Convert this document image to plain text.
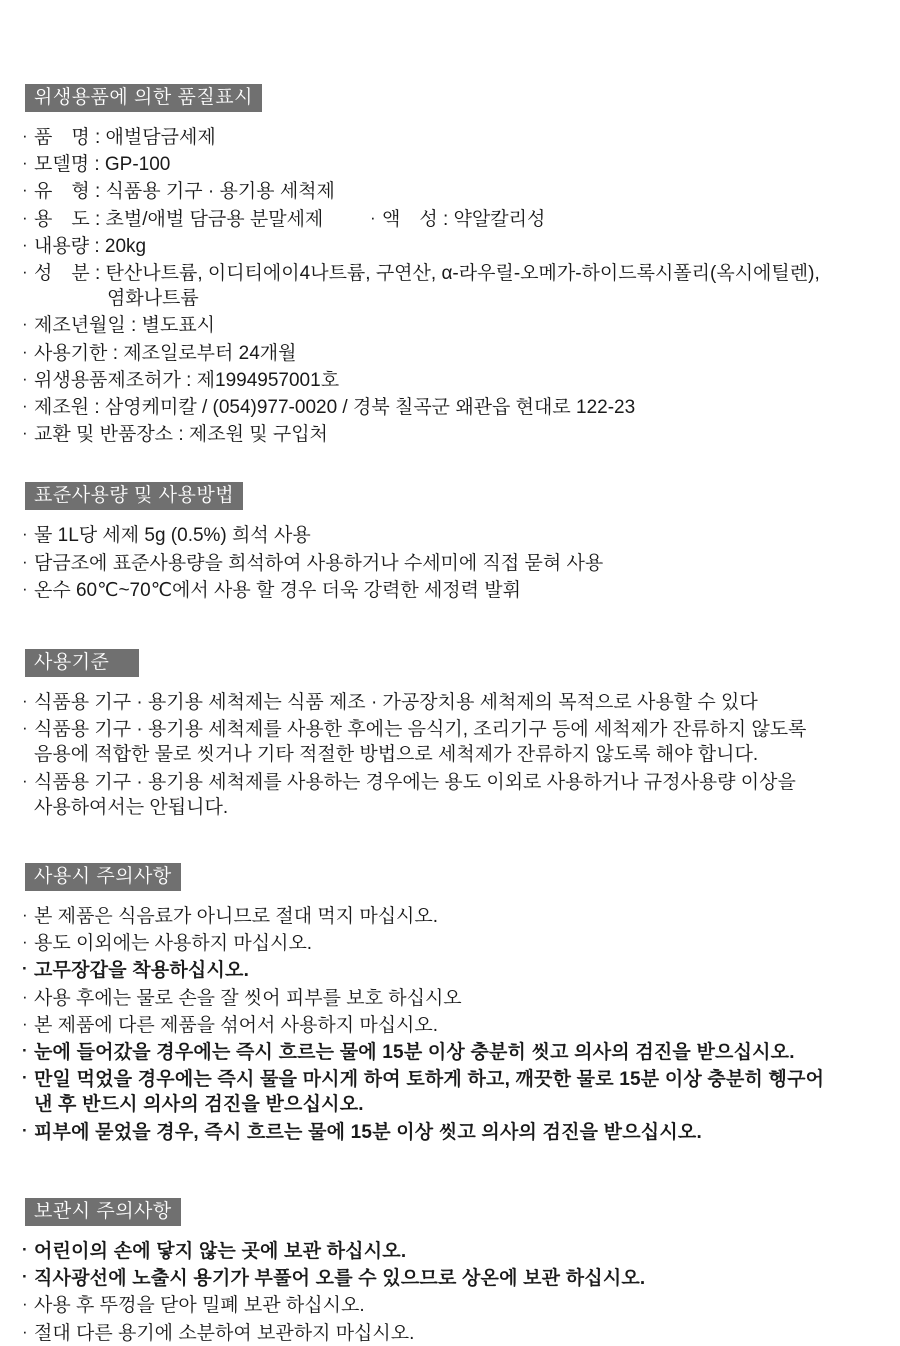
위생용품에 의한 품질표시
· 품　명 : 애벌담금세제
· 모델명 : GP-100
· 유　형 : 식품용 기구 · 용기용 세척제
· 용　도 : 초벌/애벌 담금용 분말세제	· 액　성 : 약알칼리성
· 내용량 : 20kg
· 성　분 : 탄산나트륨, 이디티에이4나트륨, 구연산, α-라우릴-오메가-하이드록시폴리(옥시에틸렌),
염화나트륨
· 제조년월일 : 별도표시
· 사용기한 : 제조일로부터 24개월
· 위생용품제조허가 : 제1994957001호
· 제조원 : 삼영케미칼 / (054)977-0020 / 경북 칠곡군 왜관읍 현대로 122-23
· 교환 및 반품장소 : 제조원 및 구입처
표준사용량 및 사용방법
· 물 1L당 세제 5g (0.5%) 희석 사용
· 담금조에 표준사용량을 희석하여 사용하거나 수세미에 직접 묻혀 사용
· 온수 60℃~70℃에서 사용 할 경우 더욱 강력한 세정력 발휘
사용기준
· 식품용 기구 · 용기용 세척제는 식품 제조 · 가공장치용 세척제의 목적으로 사용할 수 있다
· 식품용 기구 · 용기용 세척제를 사용한 후에는 음식기, 조리기구 등에 세척제가 잔류하지 않도록
음용에 적합한 물로 씻거나 기타 적절한 방법으로 세척제가 잔류하지 않도록 해야 합니다.
· 식품용 기구 · 용기용 세척제를 사용하는 경우에는 용도 이외로 사용하거나 규정사용량 이상을
사용하여서는 안됩니다.
사용시 주의사항
· 본 제품은 식음료가 아니므로 절대 먹지 마십시오.
· 용도 이외에는 사용하지 마십시오.
· 고무장갑을 착용하십시오.
· 사용 후에는 물로 손을 잘 씻어 피부를 보호 하십시오
· 본 제품에 다른 제품을 섞어서 사용하지 마십시오.
· 눈에 들어갔을 경우에는 즉시 흐르는 물에 15분 이상 충분히 씻고 의사의 검진을 받으십시오.
· 만일 먹었을 경우에는 즉시 물을 마시게 하여 토하게 하고, 깨끗한 물로 15분 이상 충분히 헹구어
낸 후 반드시 의사의 검진을 받으십시오.
· 피부에 묻었을 경우, 즉시 흐르는 물에 15분 이상 씻고 의사의 검진을 받으십시오.
보관시 주의사항
· 어린이의 손에 닿지 않는 곳에 보관 하십시오.
· 직사광선에 노출시 용기가 부풀어 오를 수 있으므로 상온에 보관 하십시오.
· 사용 후 뚜껑을 닫아 밀폐 보관 하십시오.
· 절대 다른 용기에 소분하여 보관하지 마십시오.
